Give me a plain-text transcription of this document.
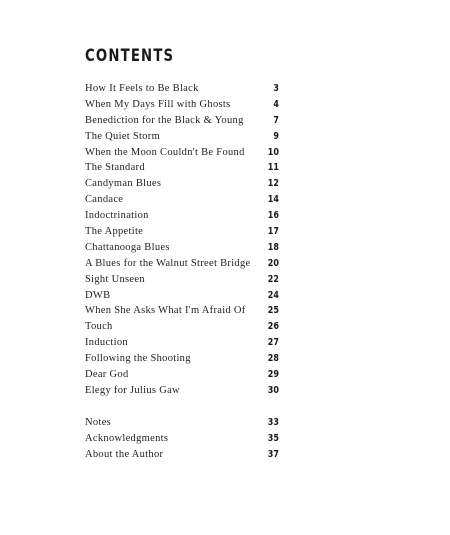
CONTENTS
How It Feels to Be Black	3
When My Days Fill with Ghosts	4
Benediction for the Black & Young	7
The Quiet Storm	9
When the Moon Couldn't Be Found 10
The Standard	11
Candyman Blues	12
Candace	14
Indoctrination	16
The Appetite	17
Chattanooga Blues	18
A Blues for the Walnut Street Bridge 20
Sight Unseen	22
DWB	24
When She Asks What I'm Afraid Of 25
Touch	26
Induction	27
Following the Shooting	28
Dear God	29
Elegy for Julius Gaw	30
Notes	33
Acknowledgments	35
About the Author	37
